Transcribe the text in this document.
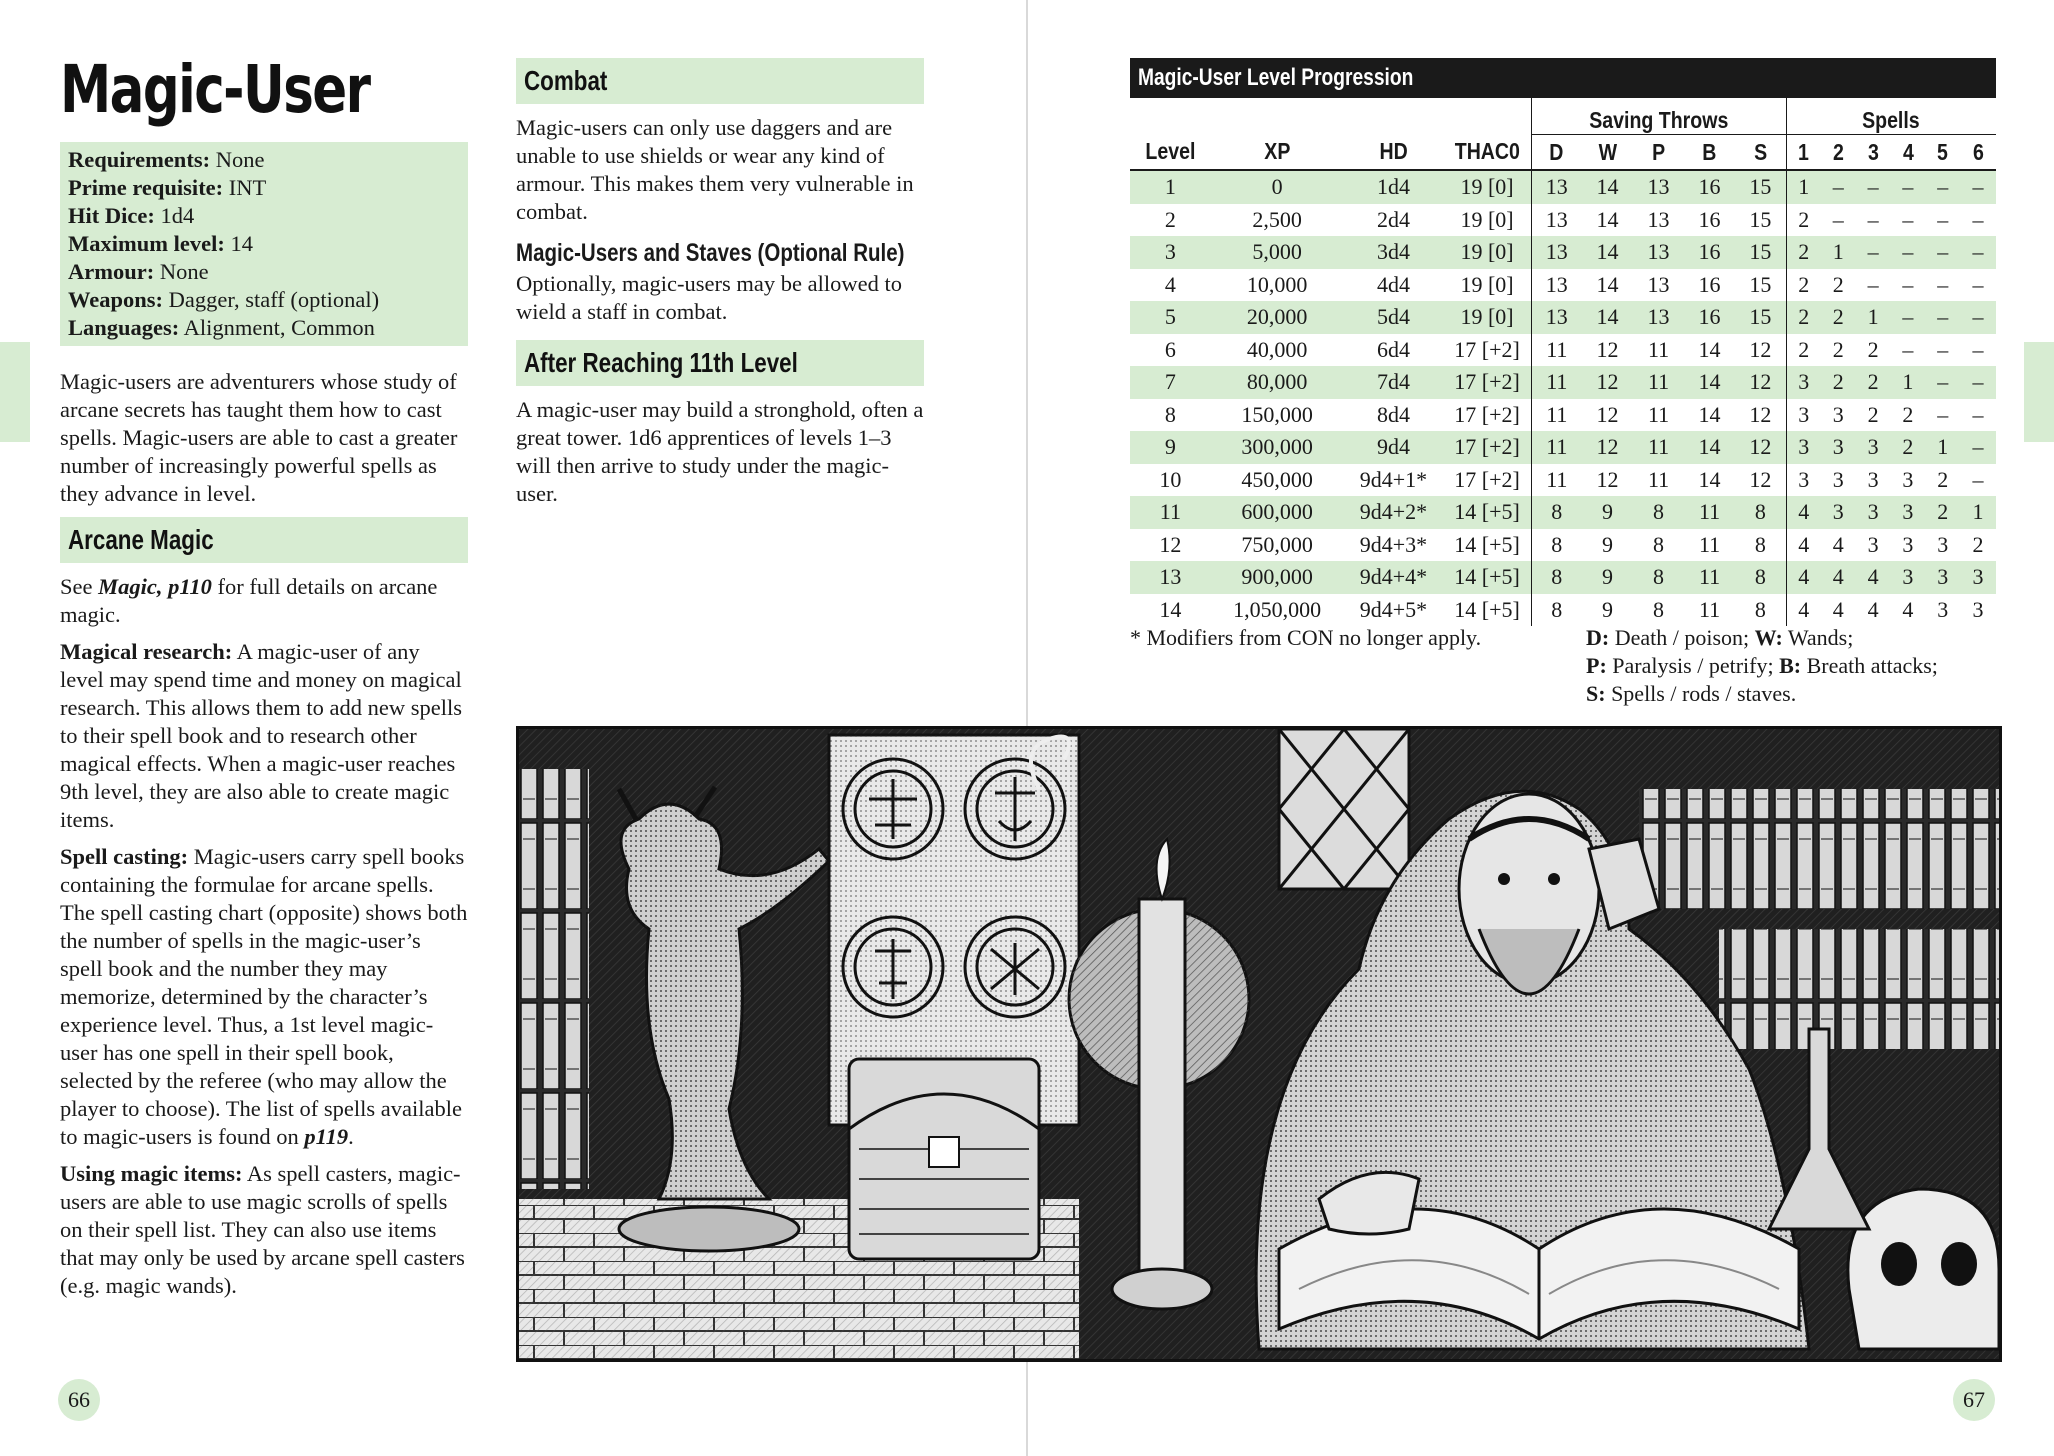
Magic-User
Requirements: None
Prime requisite: INT
Hit Dice: 1d4
Maximum level: 14
Armour: None
Weapons: Dagger, staff (optional)
Languages: Alignment, Common

Magic-users are adventurers whose study of arcane secrets has taught them how to cast spells. Magic-users are able to cast a greater number of increasingly powerful spells as they advance in level.

Arcane Magic

See Magic, p110 for full details on arcane magic.

Magical research: A magic-user of any level may spend time and money on magical research. This allows them to add new spells to their spell book and to research other magical effects. When a magic-user reaches 9th level, they are also able to create magic items.

Spell casting: Magic-users carry spell books containing the formulae for arcane spells. The spell casting chart (opposite) shows both the number of spells in the magic-user’s spell book and the number they may memorize, determined by the character’s experience level. Thus, a 1st level magic-user has one spell in their spell book, selected by the referee (who may allow the player to choose). The list of spells available to magic-users is found on p119.

Using magic items: As spell casters, magic-users are able to use magic scrolls of spells on their spell list. They can also use items that may only be used by arcane spell casters (e.g. magic wands).

Combat

Magic-users can only use daggers and are unable to use shields or wear any kind of armour. This makes them very vulnerable in combat.

Magic-Users and Staves (Optional Rule)

Optionally, magic-users may be allowed to wield a staff in combat.

After Reaching 11th Level

A magic-user may build a stronghold, often a great tower. 1d6 apprentices of levels 1–3 will then arrive to study under the magic-user.

Magic-User Level Progression
				Saving Throws					Spells					
Level	XP	HD	THAC0	D	W	P	B	S	1	2	3	4	5	6
1	0	1d4	19 [0]	13	14	13	16	15	1	–	–	–	–	–
2	2,500	2d4	19 [0]	13	14	13	16	15	2	–	–	–	–	–
3	5,000	3d4	19 [0]	13	14	13	16	15	2	1	–	–	–	–
4	10,000	4d4	19 [0]	13	14	13	16	15	2	2	–	–	–	–
5	20,000	5d4	19 [0]	13	14	13	16	15	2	2	1	–	–	–
6	40,000	6d4	17 [+2]	11	12	11	14	12	2	2	2	–	–	–
7	80,000	7d4	17 [+2]	11	12	11	14	12	3	2	2	1	–	–
8	150,000	8d4	17 [+2]	11	12	11	14	12	3	3	2	2	–	–
9	300,000	9d4	17 [+2]	11	12	11	14	12	3	3	3	2	1	–
10	450,000	9d4+1*	17 [+2]	11	12	11	14	12	3	3	3	3	2	–
11	600,000	9d4+2*	14 [+5]	8	9	8	11	8	4	3	3	3	2	1
12	750,000	9d4+3*	14 [+5]	8	9	8	11	8	4	4	3	3	3	2
13	900,000	9d4+4*	14 [+5]	8	9	8	11	8	4	4	4	3	3	3
14	1,050,000	9d4+5*	14 [+5]	8	9	8	11	8	4	4	4	4	3	3
* Modifiers from CON no longer apply.	D: Death / poison; W: Wands;
P: Paralysis / petrify; B: Breath attacks;
S: Spells / rods / staves.
66	67
